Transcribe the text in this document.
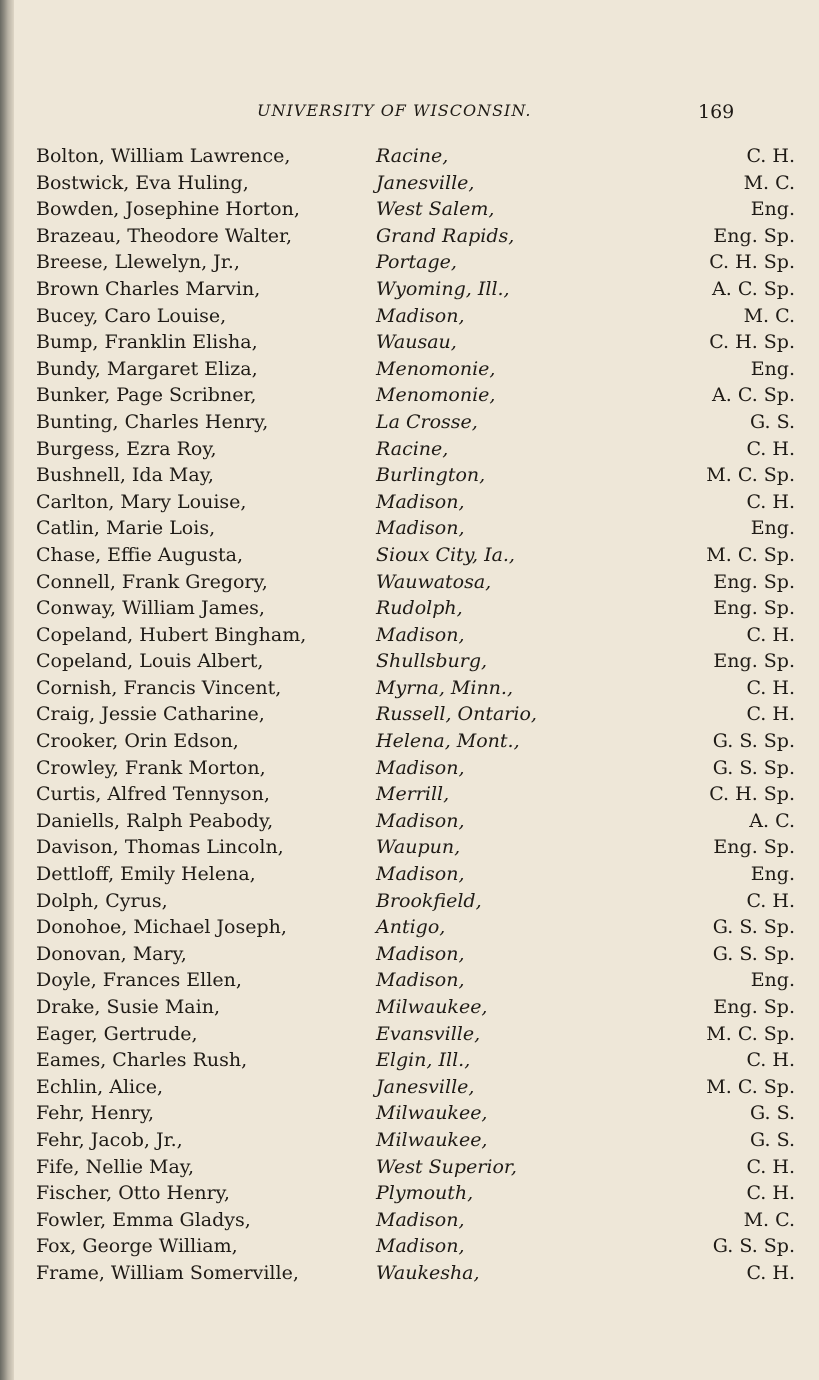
UNIVERSITY OF WISCONSIN.	169
Bolton, William Lawrence,	Racine,	C. H.
Bostwick, Eva Huling,	Janesville,	M. C.
Bowden, Josephine Horton,	West Salem,	Eng.
Brazeau, Theodore Walter,	Grand Rapids,	Eng. Sp.
Breese, Llewelyn, Jr.,	Portage,	C. H. Sp.
Brown Charles Marvin,	Wyoming, Ill.,	A. C. Sp.
Bucey, Caro Louise,	Madison,	M. C.
Bump, Franklin Elisha,	Wausau,	C. H. Sp.
Bundy, Margaret Eliza,	Menomonie,	Eng.
Bunker, Page Scribner,	Menomonie,	A. C. Sp.
Bunting, Charles Henry,	La Crosse,	G. S.
Burgess, Ezra Roy,	Racine,	C. H.
Bushnell, Ida May,	Burlington,	M. C. Sp.
Carlton, Mary Louise,	Madison,	C. H.
Catlin, Marie Lois,	Madison,	Eng.
Chase, Effie Augusta,	Sioux City, Ia.,	M. C. Sp.
Connell, Frank Gregory,	Wauwatosa,	Eng. Sp.
Conway, William James,	Rudolph,	Eng. Sp.
Copeland, Hubert Bingham,	Madison,	C. H.
Copeland, Louis Albert,	Shullsburg,	Eng. Sp.
Cornish, Francis Vincent,	Myrna, Minn.,	C. H.
Craig, Jessie Catharine,	Russell, Ontario,	C. H.
Crooker, Orin Edson,	Helena, Mont.,	G. S. Sp.
Crowley, Frank Morton,	Madison,	G. S. Sp.
Curtis, Alfred Tennyson,	Merrill,	C. H. Sp.
Daniells, Ralph Peabody,	Madison,	A. C.
Davison, Thomas Lincoln,	Waupun,	Eng. Sp.
Dettloff, Emily Helena,	Madison,	Eng.
Dolph, Cyrus,	Brookfield,	C. H.
Donohoe, Michael Joseph,	Antigo,	G. S. Sp.
Donovan, Mary,	Madison,	G. S. Sp.
Doyle, Frances Ellen,	Madison,	Eng.
Drake, Susie Main,	Milwaukee,	Eng. Sp.
Eager, Gertrude,	Evansville,	M. C. Sp.
Eames, Charles Rush,	Elgin, Ill.,	C. H.
Echlin, Alice,	Janesville,	M. C. Sp.
Fehr, Henry,	Milwaukee,	G. S.
Fehr, Jacob, Jr.,	Milwaukee,	G. S.
Fife, Nellie May,	West Superior,	C. H.
Fischer, Otto Henry,	Plymouth,	C. H.
Fowler, Emma Gladys,	Madison,	M. C.
Fox, George William,	Madison,	G. S. Sp.
Frame, William Somerville,	Waukesha,	C. H.
